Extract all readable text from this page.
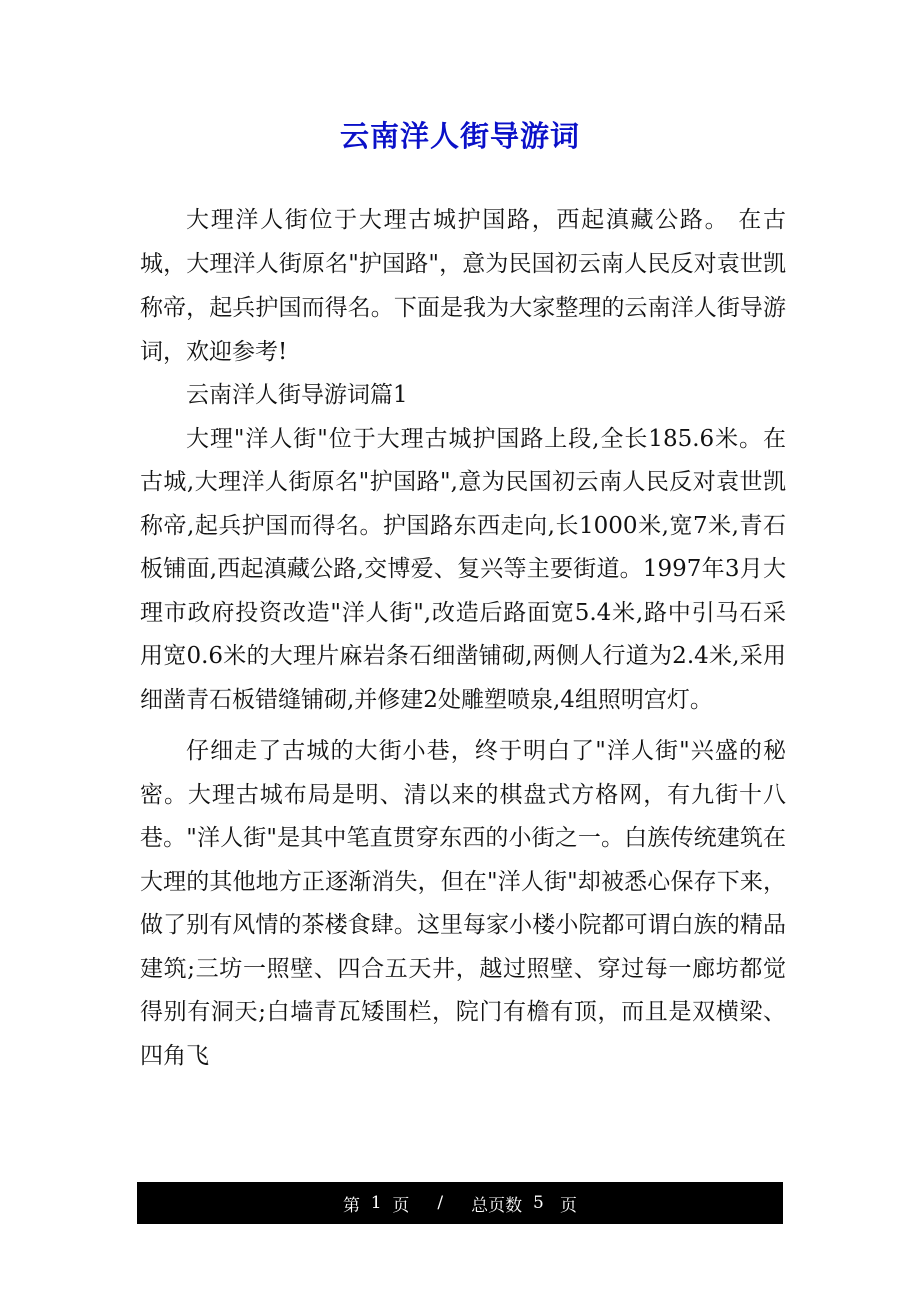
云南洋人街导游词

大理洋人街位于大理古城护国路，西起滇藏公路。 在古城，大理洋人街原名"护国路"，意为民国初云南人民反对袁世凯称帝，起兵护国而得名。下面是我为大家整理的云南洋人街导游词，欢迎参考!

云南洋人街导游词篇1

大理"洋人街"位于大理古城护国路上段,全长185.6米。在古城,大理洋人街原名"护国路",意为民国初云南人民反对袁世凯称帝,起兵护国而得名。护国路东西走向,长1000米,宽7米,青石板铺面,西起滇藏公路,交博爱、复兴等主要街道。1997年3月大理市政府投资改造"洋人街",改造后路面宽5.4米,路中引马石采用宽0.6米的大理片麻岩条石细凿铺砌,两侧人行道为2.4米,采用细凿青石板错缝铺砌,并修建2处雕塑喷泉,4组照明宫灯。

仔细走了古城的大街小巷，终于明白了"洋人街"兴盛的秘密。大理古城布局是明、清以来的棋盘式方格网，有九街十八巷。"洋人街"是其中笔直贯穿东西的小街之一。白族传统建筑在大理的其他地方正逐渐消失，但在"洋人街"却被悉心保存下来，做了别有风情的茶楼食肆。这里每家小楼小院都可谓白族的精品建筑;三坊一照壁、四合五天井，越过照壁、穿过每一廊坊都觉得别有洞天;白墙青瓦矮围栏，院门有檐有顶，而且是双横梁、四角飞

第
1
页 / 总页数
5
页
